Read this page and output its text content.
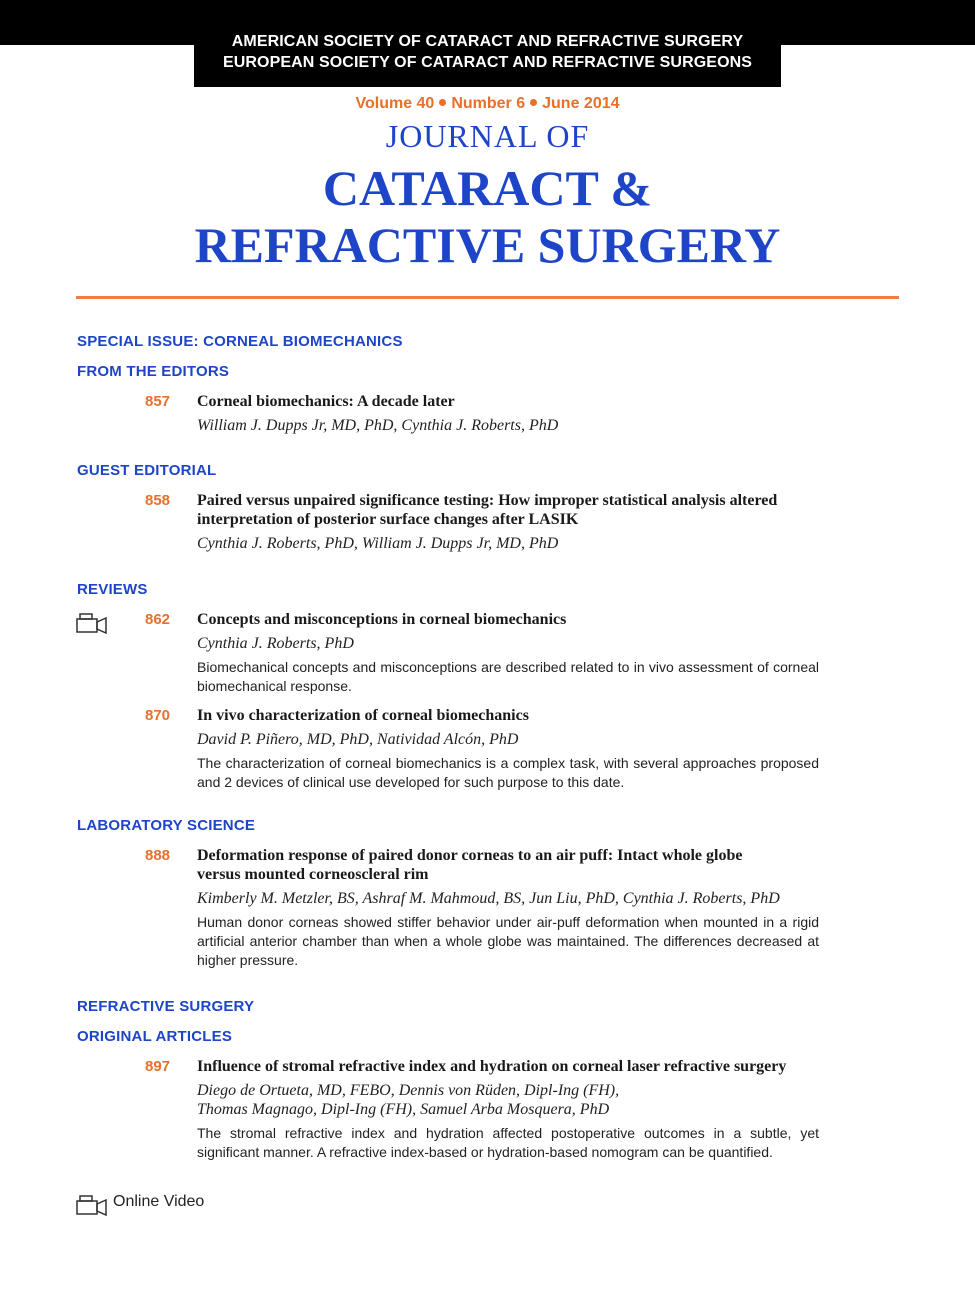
AMERICAN SOCIETY OF CATARACT AND REFRACTIVE SURGERY
EUROPEAN SOCIETY OF CATARACT AND REFRACTIVE SURGEONS
Volume 40 Number 6 June 2014
JOURNAL OF
CATARACT &
REFRACTIVE SURGERY
SPECIAL ISSUE: CORNEAL BIOMECHANICS
FROM THE EDITORS
857 Corneal biomechanics: A decade later
William J. Dupps Jr, MD, PhD, Cynthia J. Roberts, PhD
GUEST EDITORIAL
858 Paired versus unpaired significance testing: How improper statistical analysis altered
interpretation of posterior surface changes after LASIK
Cynthia J. Roberts, PhD, William J. Dupps Jr, MD, PhD
REVIEWS
862 Concepts and misconceptions in corneal biomechanics
Cynthia J. Roberts, PhD
Biomechanical concepts and misconceptions are described related to in vivo assessment of corneal biomechanical response.
870 In vivo characterization of corneal biomechanics
David P. Piñero, MD, PhD, Natividad Alcón, PhD
The characterization of corneal biomechanics is a complex task, with several approaches proposed and 2 devices of clinical use developed for such purpose to this date.
LABORATORY SCIENCE
888 Deformation response of paired donor corneas to an air puff: Intact whole globe
versus mounted corneoscleral rim
Kimberly M. Metzler, BS, Ashraf M. Mahmoud, BS, Jun Liu, PhD, Cynthia J. Roberts, PhD
Human donor corneas showed stiffer behavior under air-puff deformation when mounted in a rigid artificial anterior chamber than when a whole globe was maintained. The differences decreased at higher pressure.
REFRACTIVE SURGERY
ORIGINAL ARTICLES
897 Influence of stromal refractive index and hydration on corneal laser refractive surgery
Diego de Ortueta, MD, FEBO, Dennis von Rüden, Dipl-Ing (FH),
Thomas Magnago, Dipl-Ing (FH), Samuel Arba Mosquera, PhD
The stromal refractive index and hydration affected postoperative outcomes in a subtle, yet significant manner. A refractive index-based or hydration-based nomogram can be quantified.
Online Video
